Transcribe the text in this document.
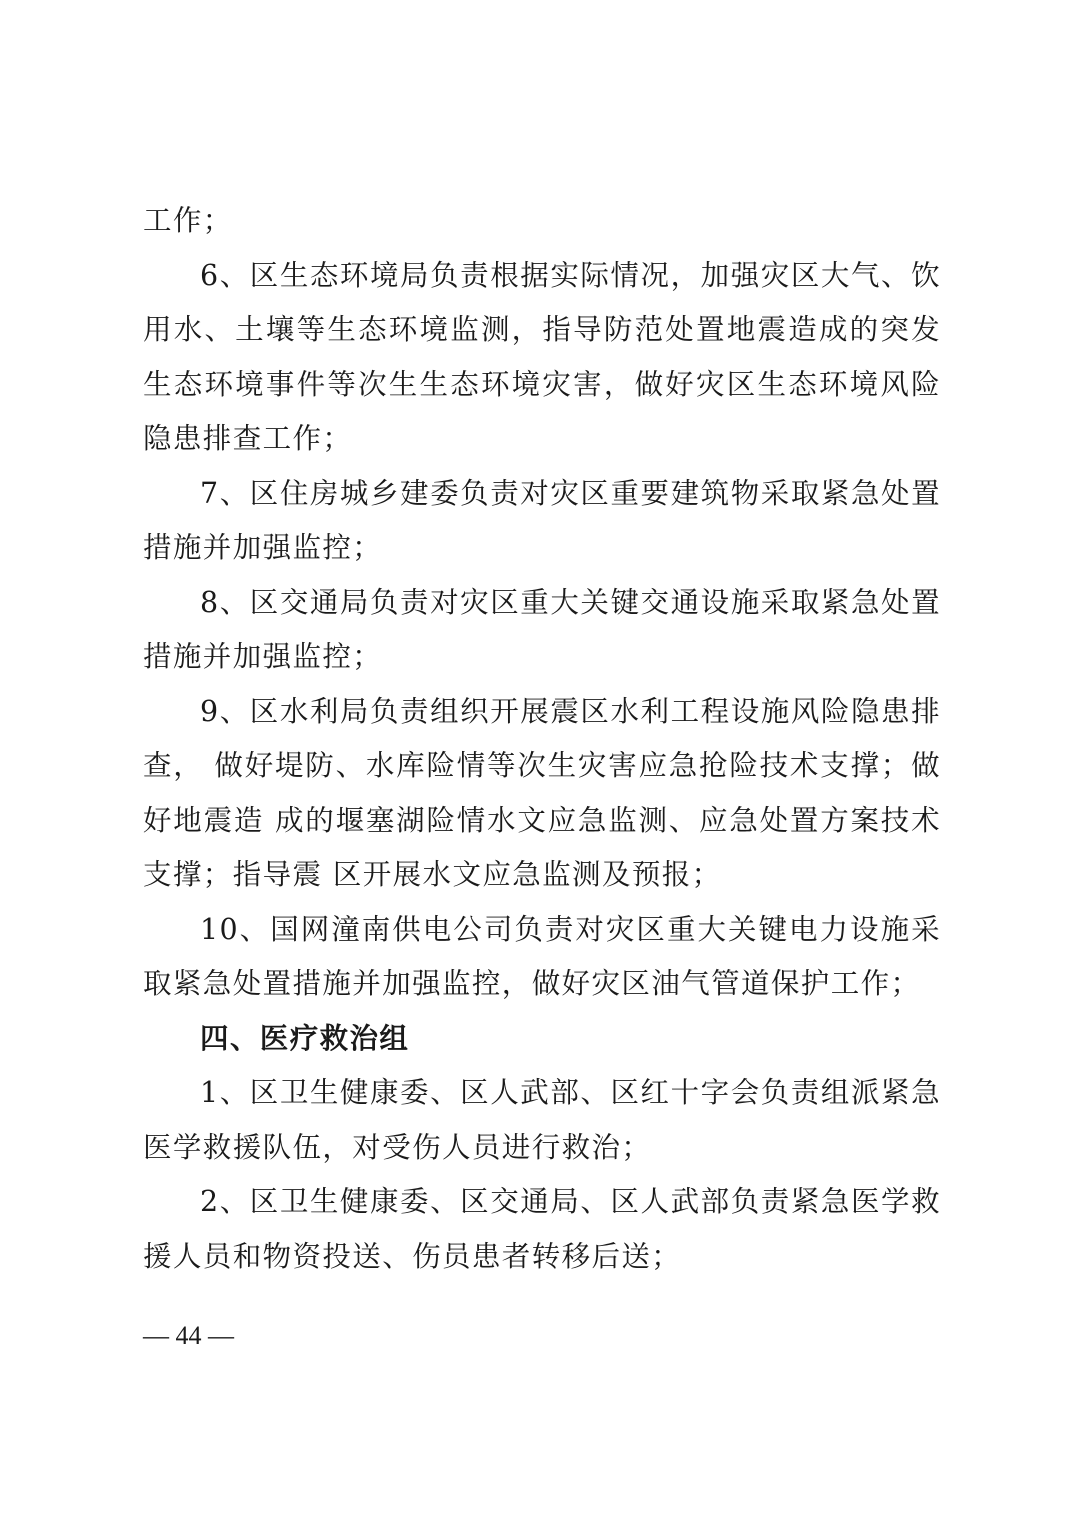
工作；

6、区生态环境局负责根据实际情况，加强灾区大气、饮用水、土壤等生态环境监测，指导防范处置地震造成的突发生态环境事件等次生生态环境灾害，做好灾区生态环境风险隐患排查工作；

7、区住房城乡建委负责对灾区重要建筑物采取紧急处置措施并加强监控；

8、区交通局负责对灾区重大关键交通设施采取紧急处置措施并加强监控；

9、区水利局负责组织开展震区水利工程设施风险隐患排查， 做好堤防、水库险情等次生灾害应急抢险技术支撑；做好地震造 成的堰塞湖险情水文应急监测、应急处置方案技术支撑；指导震 区开展水文应急监测及预报；

10、国网潼南供电公司负责对灾区重大关键电力设施采取紧急处置措施并加强监控，做好灾区油气管道保护工作；

四、医疗救治组

1、区卫生健康委、区人武部、区红十字会负责组派紧急医学救援队伍，对受伤人员进行救治；

2、区卫生健康委、区交通局、区人武部负责紧急医学救援人员和物资投送、伤员患者转移后送；

— 44 —
